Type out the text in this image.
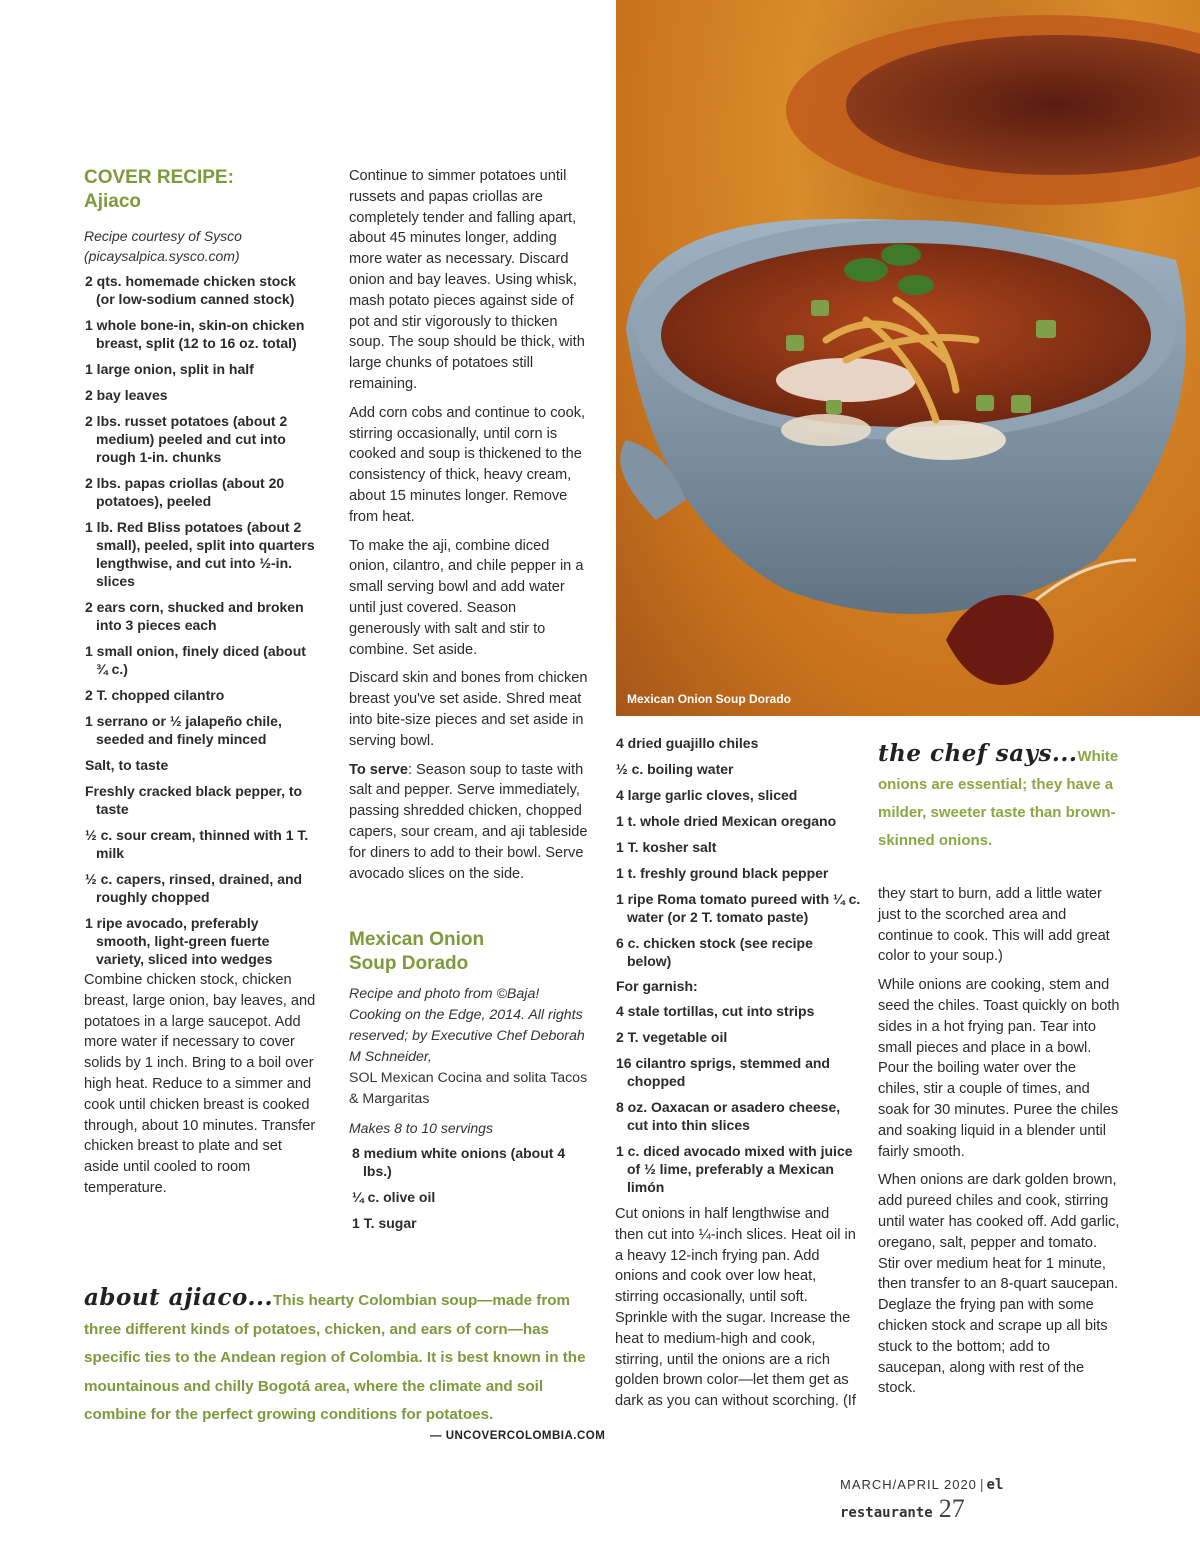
COVER RECIPE:
Ajiaco
Recipe courtesy of Sysco
(picaysalpica.sysco.com)
2 qts. homemade chicken stock (or low-sodium canned stock)
1 whole bone-in, skin-on chicken breast, split (12 to 16 oz. total)
1 large onion, split in half
2 bay leaves
2 lbs. russet potatoes (about 2 medium) peeled and cut into rough 1-in. chunks
2 lbs. papas criollas (about 20 potatoes), peeled
1 lb. Red Bliss potatoes (about 2 small), peeled, split into quarters lengthwise, and cut into ½-in. slices
2 ears corn, shucked and broken into 3 pieces each
1 small onion, finely diced (about ¾ c.)
2 T. chopped cilantro
1 serrano or ½ jalapeño chile, seeded and finely minced
Salt, to taste
Freshly cracked black pepper, to taste
½ c. sour cream, thinned with 1 T. milk
½ c. capers, rinsed, drained, and roughly chopped
1 ripe avocado, preferably smooth, light-green fuerte variety, sliced into wedges

Combine chicken stock, chicken breast, large onion, bay leaves, and potatoes in a large saucepot. Add more water if necessary to cover solids by 1 inch. Bring to a boil over high heat. Reduce to a simmer and cook until chicken breast is cooked through, about 10 minutes. Transfer chicken breast to plate and set aside until cooled to room temperature.

Continue to simmer potatoes until russets and papas criollas are completely tender and falling apart, about 45 minutes longer, adding more water as necessary. Discard onion and bay leaves. Using whisk, mash potato pieces against side of pot and stir vigorously to thicken soup. The soup should be thick, with large chunks of potatoes still remaining.

Add corn cobs and continue to cook, stirring occasionally, until corn is cooked and soup is thickened to the consistency of thick, heavy cream, about 15 minutes longer. Remove from heat.

To make the aji, combine diced onion, cilantro, and chile pepper in a small serving bowl and add water until just covered. Season generously with salt and stir to combine. Set aside.

Discard skin and bones from chicken breast you've set aside. Shred meat into bite-size pieces and set aside in serving bowl.

To serve: Season soup to taste with salt and pepper. Serve immediately, passing shredded chicken, chopped capers, sour cream, and aji tableside for diners to add to their bowl. Serve avocado slices on the side.

Mexican Onion
Soup Dorado
Recipe and photo from ©Baja! Cooking on the Edge, 2014. All rights reserved; by Executive Chef Deborah M Schneider,
SOL Mexican Cocina and solita Tacos & Margaritas
Makes 8 to 10 servings
8 medium white onions (about 4 lbs.)
¼ c. olive oil
1 T. sugar
Mexican Onion Soup Dorado
4 dried guajillo chiles
½ c. boiling water
4 large garlic cloves, sliced
1 t. whole dried Mexican oregano
1 T. kosher salt
1 t. freshly ground black pepper
1 ripe Roma tomato pureed with ¼ c. water (or 2 T. tomato paste)
6 c. chicken stock (see recipe below)
For garnish:
4 stale tortillas, cut into strips
2 T. vegetable oil
16 cilantro sprigs, stemmed and chopped
8 oz. Oaxacan or asadero cheese, cut into thin slices
1 c. diced avocado mixed with juice of ½ lime, preferably a Mexican limón

Cut onions in half lengthwise and then cut into ¼-inch slices. Heat oil in a heavy 12-inch frying pan. Add onions and cook over low heat, stirring occasionally, until soft. Sprinkle with the sugar. Increase the heat to medium-high and cook, stirring, until the onions are a rich golden brown color—let them get as dark as you can without scorching. (If

the chef says...White onions are essential; they have a milder, sweeter taste than brown-skinned onions.

they start to burn, add a little water just to the scorched area and continue to cook. This will add great color to your soup.)

While onions are cooking, stem and seed the chiles. Toast quickly on both sides in a hot frying pan. Tear into small pieces and place in a bowl. Pour the boiling water over the chiles, stir a couple of times, and soak for 30 minutes. Puree the chiles and soaking liquid in a blender until fairly smooth.

When onions are dark golden brown, add pureed chiles and cook, stirring until water has cooked off. Add garlic, oregano, salt, pepper and tomato. Stir over medium heat for 1 minute, then transfer to an 8-quart saucepan. Deglaze the frying pan with some chicken stock and scrape up all bits stuck to the bottom; add to saucepan, along with rest of the stock.

about ajiaco...This hearty Colombian soup—made from three different kinds of potatoes, chicken, and ears of corn—has specific ties to the Andean region of Colombia. It is best known in the mountainous and chilly Bogotá area, where the climate and soil combine for the perfect growing conditions for potatoes.
— UNCOVERCOLOMBIA.COM
MARCH/APRIL 2020 | el restaurante 27
